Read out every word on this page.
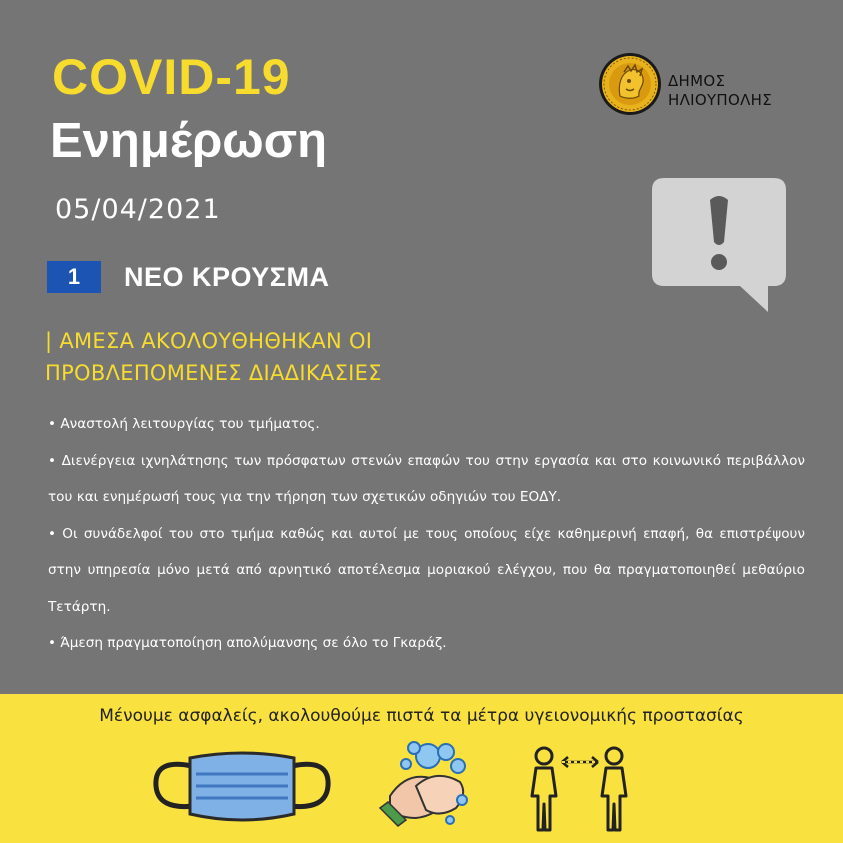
COVID-19
Ενημέρωση
05/04/2021
1	ΝΕΟ ΚΡΟΥΣΜΑ
| ΑΜΕΣΑ ΑΚΟΛΟΥΘΗΘΗΚΑΝ ΟΙ
ΠΡΟΒΛΕΠΟΜΕΝΕΣ ΔΙΑΔΙΚΑΣΙΕΣ

• Αναστολή λειτουργίας του τμήματος.

• Διενέργεια ιχνηλάτησης των πρόσφατων στενών επαφών του στην εργασία και στο κοινωνικό περιβάλλον του και ενημέρωσή τους για την τήρηση των σχετικών οδηγιών του ΕΟΔΥ.

• Οι συνάδελφοί του στο τμήμα καθώς και αυτοί με τους οποίους είχε καθημερινή επαφή, θα επιστρέψουν στην υπηρεσία μόνο μετά από αρνητικό αποτέλεσμα μοριακού ελέγχου, που θα πραγματοποιηθεί μεθαύριο Τετάρτη.

• Άμεση πραγματοποίηση απολύμανσης σε όλο το Γκαράζ.

ΔΗΜΟΣ
ΗΛΙΟΥΠΟΛΗΣ
Μένουμε ασφαλείς, ακολουθούμε πιστά τα μέτρα υγειονομικής προστασίας
